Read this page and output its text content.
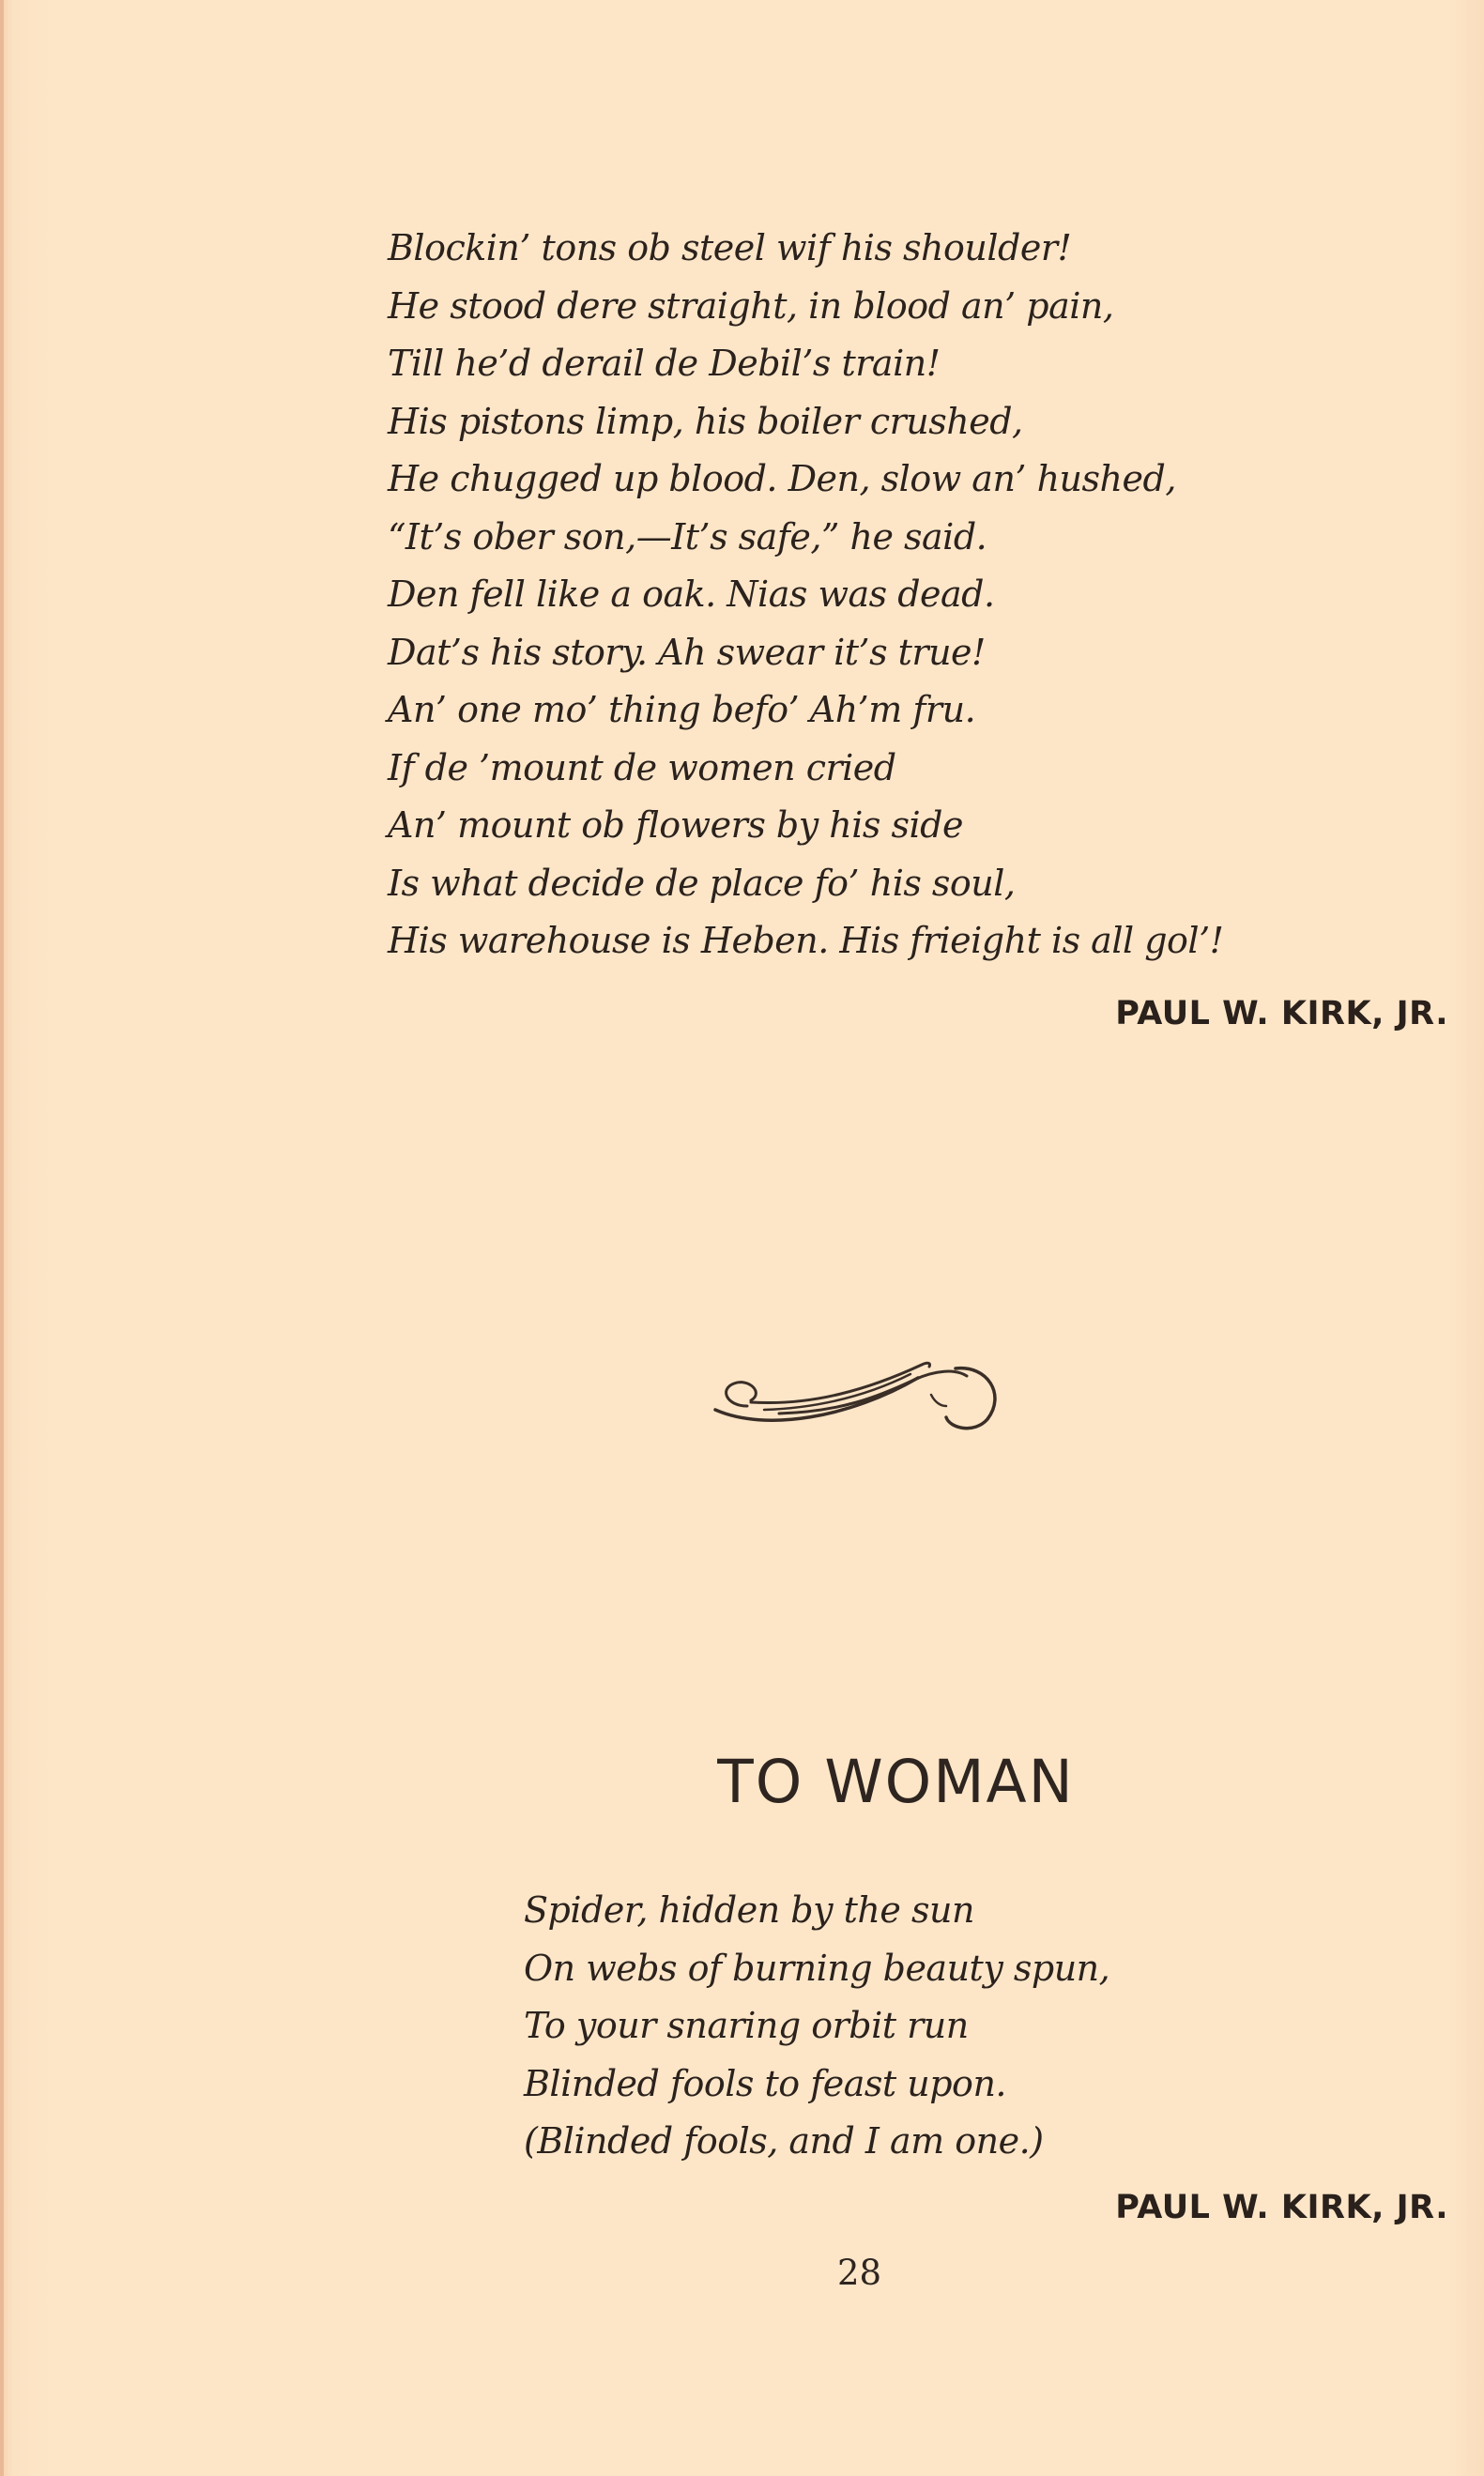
Blockin’ tons ob steel wif his shoulder!
He stood dere straight, in blood an’ pain,
Till he’d derail de Debil’s train!
His pistons limp, his boiler crushed,
He chugged up blood. Den, slow an’ hushed,
“It’s ober son,—It’s safe,” he said.
Den fell like a oak. Nias was dead.
Dat’s his story. Ah swear it’s true!
An’ one mo’ thing befo’ Ah’m fru.
If de ’mount de women cried
An’ mount ob flowers by his side
Is what decide de place fo’ his soul,
His warehouse is Heben. His frieight is all gol’!
PAUL W. KIRK, JR.
TO WOMAN
Spider, hidden by the sun
On webs of burning beauty spun,
To your snaring orbit run
Blinded fools to feast upon.
(Blinded fools, and I am one.)
PAUL W. KIRK, JR.
28
